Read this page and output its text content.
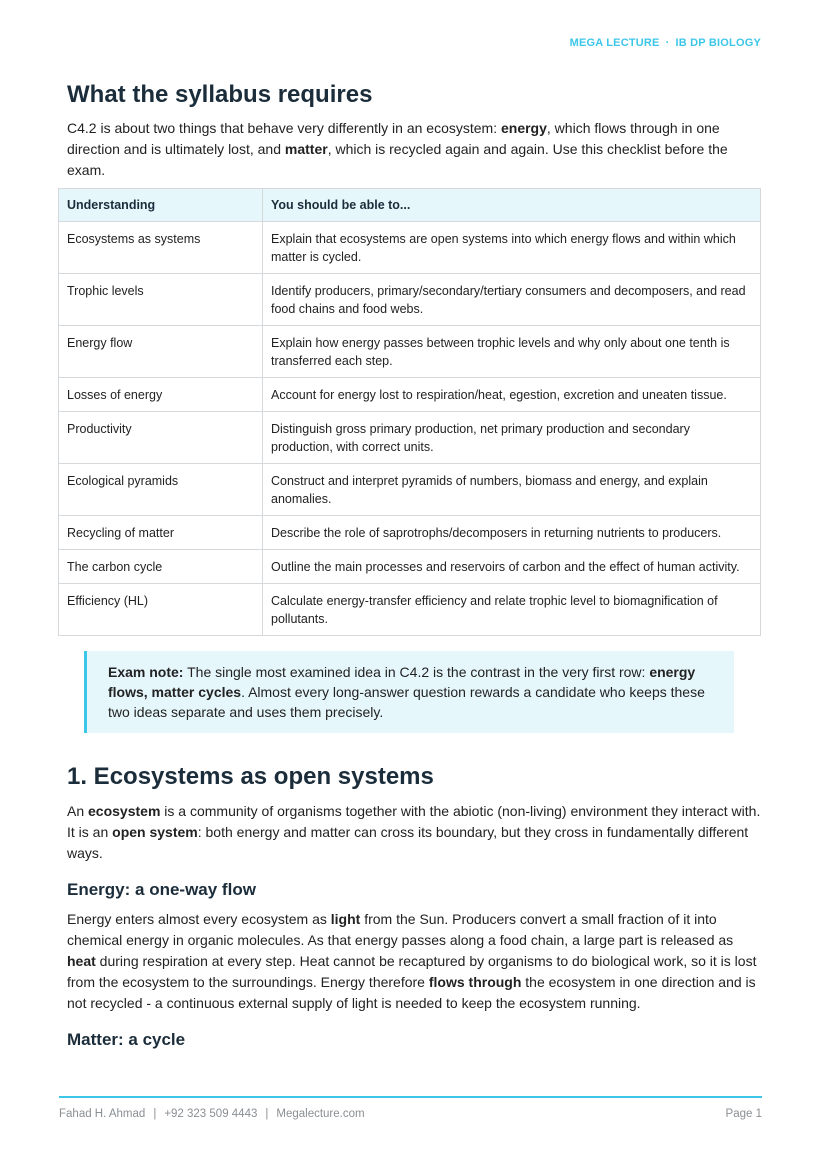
MEGA LECTURE · IB DP BIOLOGY
What the syllabus requires

C4.2 is about two things that behave very differently in an ecosystem: energy, which flows through in one direction and is ultimately lost, and matter, which is recycled again and again. Use this checklist before the exam.

Understanding	You should be able to...
Ecosystems as systems	Explain that ecosystems are open systems into which energy flows and within which matter is cycled.
Trophic levels	Identify producers, primary/secondary/tertiary consumers and decomposers, and read food chains and food webs.
Energy flow	Explain how energy passes between trophic levels and why only about one tenth is transferred each step.
Losses of energy	Account for energy lost to respiration/heat, egestion, excretion and uneaten tissue.
Productivity	Distinguish gross primary production, net primary production and secondary production, with correct units.
Ecological pyramids	Construct and interpret pyramids of numbers, biomass and energy, and explain anomalies.
Recycling of matter	Describe the role of saprotrophs/decomposers in returning nutrients to producers.
The carbon cycle	Outline the main processes and reservoirs of carbon and the effect of human activity.
Efficiency (HL)	Calculate energy-transfer efficiency and relate trophic level to biomagnification of pollutants.
Exam note: The single most examined idea in C4.2 is the contrast in the very first row: energy flows, matter cycles. Almost every long-answer question rewards a candidate who keeps these two ideas separate and uses them precisely.
1. Ecosystems as open systems

An ecosystem is a community of organisms together with the abiotic (non-living) environment they interact with. It is an open system: both energy and matter can cross its boundary, but they cross in fundamentally different ways.

Energy: a one-way flow

Energy enters almost every ecosystem as light from the Sun. Producers convert a small fraction of it into chemical energy in organic molecules. As that energy passes along a food chain, a large part is released as heat during respiration at every step. Heat cannot be recaptured by organisms to do biological work, so it is lost from the ecosystem to the surroundings. Energy therefore flows through the ecosystem in one direction and is not recycled - a continuous external supply of light is needed to keep the ecosystem running.

Matter: a cycle
Fahad H. Ahmad | +92 323 509 4443 | Megalecture.com	Page 1
